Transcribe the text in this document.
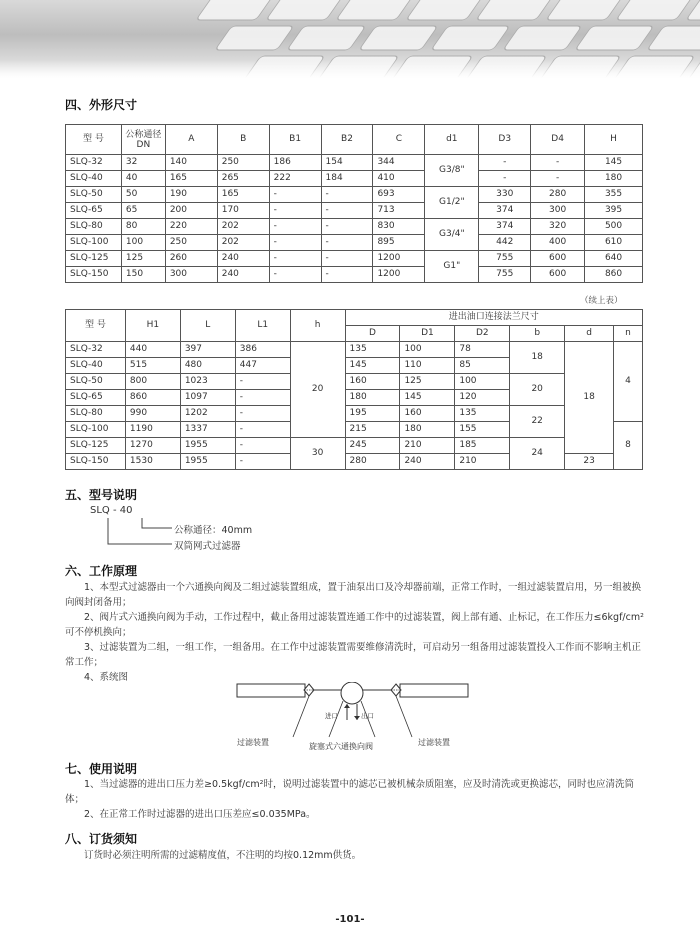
四、外形尺寸
型 号	公称通径 DN	A	B	B1	B2	C	d1	D3	D4	H
SLQ-32	32	140	250	186	154	344	G3/8"	-	-	145
SLQ-40	40	165	265	222	184	410		-	-	180
SLQ-50	50	190	165	-	-	693	G1/2"	330	280	355
SLQ-65	65	200	170	-	-	713		374	300	395
SLQ-80	80	220	202	-	-	830	G3/4"	374	320	500
SLQ-100	100	250	202	-	-	895		442	400	610
SLQ-125	125	260	240	-	-	1200	G1"	755	600	640
SLQ-150	150	300	240	-	-	1200		755	600	860
（续上表）
型 号	H1	L	L1	h	进出油口连接法兰尺寸					
					D	D1	D2	b	d	n
SLQ-32	440	397	386	20	135	100	78	18	18	4
SLQ-40	515	480	447		145	110	85			
SLQ-50	800	1023	-		160	125	100	20		
SLQ-65	860	1097	-		180	145	120			
SLQ-80	990	1202	-		195	160	135	22		
SLQ-100	1190	1337	-		215	180	155			8
SLQ-125	1270	1955	-	30	245	210	185	24		
SLQ-150	1530	1955	-		280	240	210		23	
五、型号说明
SLQ - 40
公称通径：40mm
双筒网式过滤器
六、工作原理

1、本型式过滤器由一个六通换向阀及二组过滤装置组成，置于油泵出口及冷却器前端，正常工作时，一组过滤装置启用，另一组被换向阀封闭备用；

2、阀片式六通换向阀为手动，工作过程中，截止备用过滤装置连通工作中的过滤装置，阀上部有通、止标记，在工作压力≤6kgf/cm²可不停机换向；

3、过滤装置为二组，一组工作，一组备用。在工作中过滤装置需要维修清洗时，可启动另一组备用过滤装置投入工作而不影响主机正常工作；

4、系统图

进口	出口
过滤装置	旋塞式六通换向阀	过滤装置
七、使用说明

1、当过滤器的进出口压力差≥0.5kgf/cm²时，说明过滤装置中的滤芯已被机械杂质阻塞，应及时清洗或更换滤芯，同时也应清洗筒体；

2、在正常工作时过滤器的进出口压差应≤0.035MPa。

八、订货须知

订货时必须注明所需的过滤精度值，不注明的均按0.12mm供货。

-101-
